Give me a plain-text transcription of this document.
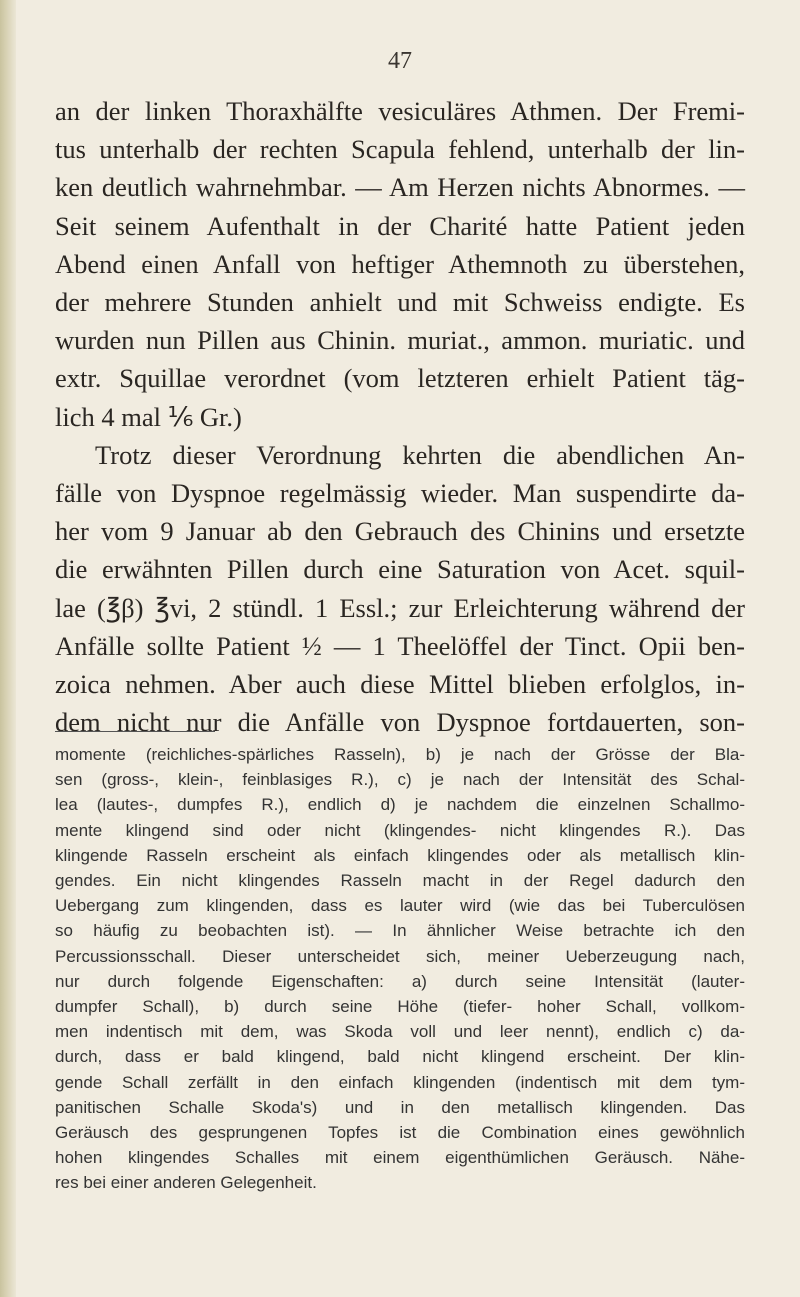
47
an der linken Thoraxhälfte vesiculäres Athmen. Der Fremi-
tus unterhalb der rechten Scapula fehlend, unterhalb der lin-
ken deutlich wahrnehmbar. — Am Herzen nichts Abnormes. —
Seit seinem Aufenthalt in der Charité hatte Patient jeden
Abend einen Anfall von heftiger Athemnoth zu überstehen,
der mehrere Stunden anhielt und mit Schweiss endigte. Es
wurden nun Pillen aus Chinin. muriat., ammon. muriatic. und
extr. Squillae verordnet (vom letzteren erhielt Patient täg-
lich 4 mal ⅙ Gr.)
Trotz dieser Verordnung kehrten die abendlichen An-
fälle von Dyspnoe regelmässig wieder. Man suspendirte da-
her vom 9 Januar ab den Gebrauch des Chinins und ersetzte
die erwähnten Pillen durch eine Saturation von Acet. squil-
lae (℥β) ℥vi, 2 stündl. 1 Essl.; zur Erleichterung während der
Anfälle sollte Patient ½ — 1 Theelöffel der Tinct. Opii ben-
zoica nehmen. Aber auch diese Mittel blieben erfolglos, in-
dem nicht nur die Anfälle von Dyspnoe fortdauerten, son-
momente (reichliches-spärliches Rasseln), b) je nach der Grösse der Bla-
sen (gross-, klein-, feinblasiges R.), c) je nach der Intensität des Schal-
lea (lautes-, dumpfes R.), endlich d) je nachdem die einzelnen Schallmo-
mente klingend sind oder nicht (klingendes- nicht klingendes R.). Das
klingende Rasseln erscheint als einfach klingendes oder als metallisch klin-
gendes. Ein nicht klingendes Rasseln macht in der Regel dadurch den
Uebergang zum klingenden, dass es lauter wird (wie das bei Tuberculösen
so häufig zu beobachten ist). — In ähnlicher Weise betrachte ich den
Percussionsschall. Dieser unterscheidet sich, meiner Ueberzeugung nach,
nur durch folgende Eigenschaften: a) durch seine Intensität (lauter-
dumpfer Schall), b) durch seine Höhe (tiefer- hoher Schall, vollkom-
men indentisch mit dem, was Skoda voll und leer nennt), endlich c) da-
durch, dass er bald klingend, bald nicht klingend erscheint. Der klin-
gende Schall zerfällt in den einfach klingenden (indentisch mit dem tym-
panitischen Schalle Skoda's) und in den metallisch klingenden. Das
Geräusch des gesprungenen Topfes ist die Combination eines gewöhnlich
hohen klingendes Schalles mit einem eigenthümlichen Geräusch. Nähe-
res bei einer anderen Gelegenheit.
